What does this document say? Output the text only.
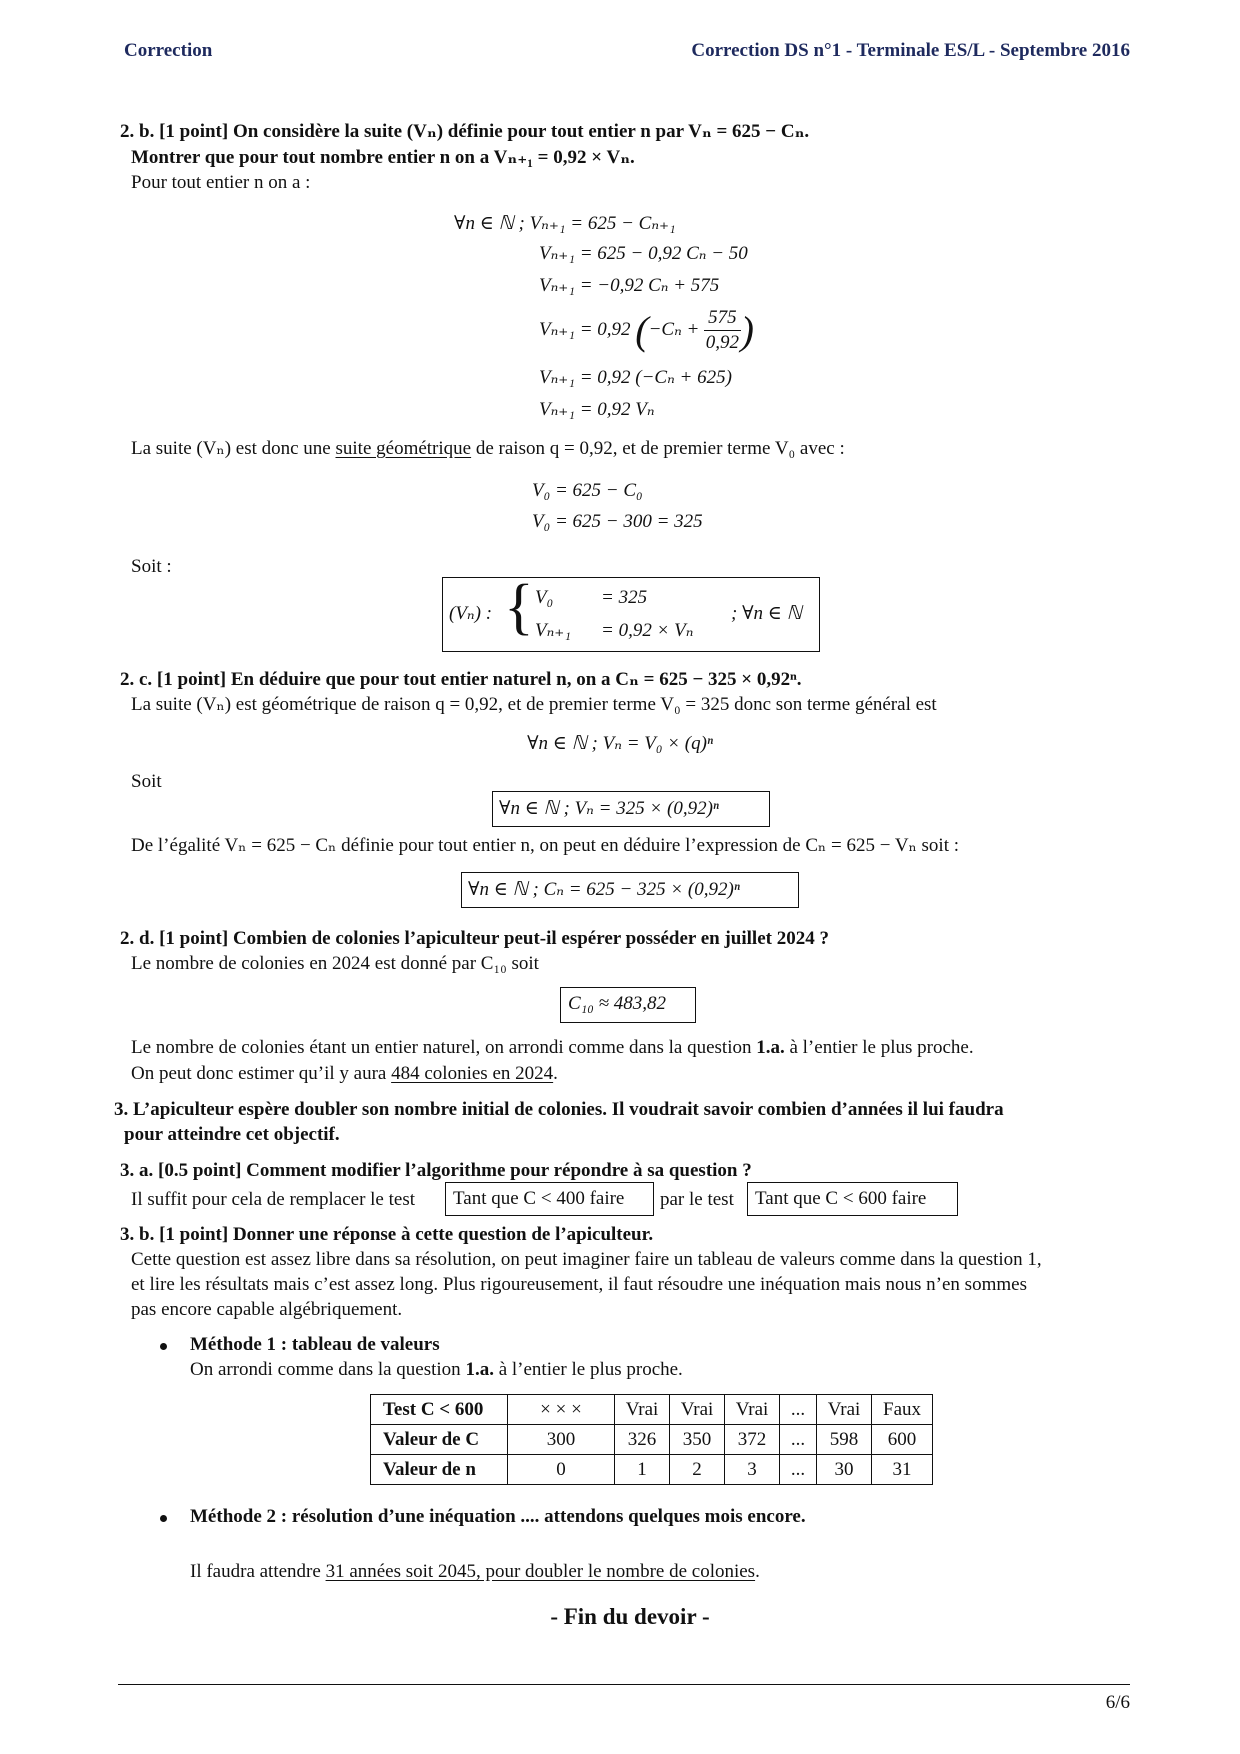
Correction	Correction DS n°1 - Terminale ES/L - Septembre 2016
2. b. [1 point] On considère la suite (Vₙ) définie pour tout entier n par Vₙ = 625 − Cₙ.
Montrer que pour tout nombre entier n on a Vₙ₊₁ = 0,92 × Vₙ.
Pour tout entier n on a :
∀n ∈ ℕ ; Vₙ₊₁ = 625 − Cₙ₊₁
Vₙ₊₁ = 625 − 0,92 Cₙ − 50
Vₙ₊₁ = −0,92 Cₙ + 575
Vₙ₊₁ = 0,92 ($-C_n + \frac{575}{0,92}$ )
Vₙ₊₁ = 0,92 (−Cₙ + 625)
Vₙ₊₁ = 0,92 Vₙ
La suite (Vₙ) est donc une suite géométrique de raison q = 0,92, et de premier terme V₀ avec :
V₀ = 625 − C₀
V₀ = 625 − 300 = 325
Soit :
(Vₙ) : { V₀	= 325
Vₙ₊₁ = 0,92 × Vₙ
; ∀n ∈ ℕ
2. c. [1 point] En déduire que pour tout entier naturel n, on a Cₙ = 625 − 325 × 0,92ⁿ.
La suite (Vₙ) est géométrique de raison q = 0,92, et de premier terme V₀ = 325 donc son terme général est
∀n ∈ ℕ ; Vₙ = V₀ × (q)ⁿ
Soit
∀n ∈ ℕ ; Vₙ = 325 × (0,92)ⁿ
De l’égalité Vₙ = 625 − Cₙ définie pour tout entier n, on peut en déduire l’expression de Cₙ = 625 − Vₙ soit :
∀n ∈ ℕ ; Cₙ = 625 − 325 × (0,92)ⁿ
2. d. [1 point] Combien de colonies l’apiculteur peut-il espérer posséder en juillet 2024 ?
Le nombre de colonies en 2024 est donné par C₁₀ soit
C₁₀ ≈ 483,82
Le nombre de colonies étant un entier naturel, on arrondi comme dans la question 1.a. à l’entier le plus proche.
On peut donc estimer qu’il y aura 484 colonies en 2024.
3. L’apiculteur espère doubler son nombre initial de colonies. Il voudrait savoir combien d’années il lui faudra
pour atteindre cet objectif.
3. a. [0.5 point] Comment modifier l’algorithme pour répondre à sa question ?
Il suffit pour cela de remplacer le test Tant que C < 400 faire par le test Tant que C < 600 faire
3. b. [1 point] Donner une réponse à cette question de l’apiculteur.
Cette question est assez libre dans sa résolution, on peut imaginer faire un tableau de valeurs comme dans la question 1,
et lire les résultats mais c’est assez long. Plus rigoureusement, il faut résoudre une inéquation mais nous n’en sommes
pas encore capable algébriquement.
Méthode 1 : tableau de valeurs
On arrondi comme dans la question 1.a. à l’entier le plus proche.
Test C < 600	× × ×	Vrai	Vrai	Vrai	...	Vrai	Faux
Valeur de C	300	326	350	372	...	598	600
Valeur de n	0	1	2	3	...	30	31
Méthode 2 : résolution d’une inéquation .... attendons quelques mois encore.
Il faudra attendre 31 années soit 2045, pour doubler le nombre de colonies.
- Fin du devoir -
6/6
